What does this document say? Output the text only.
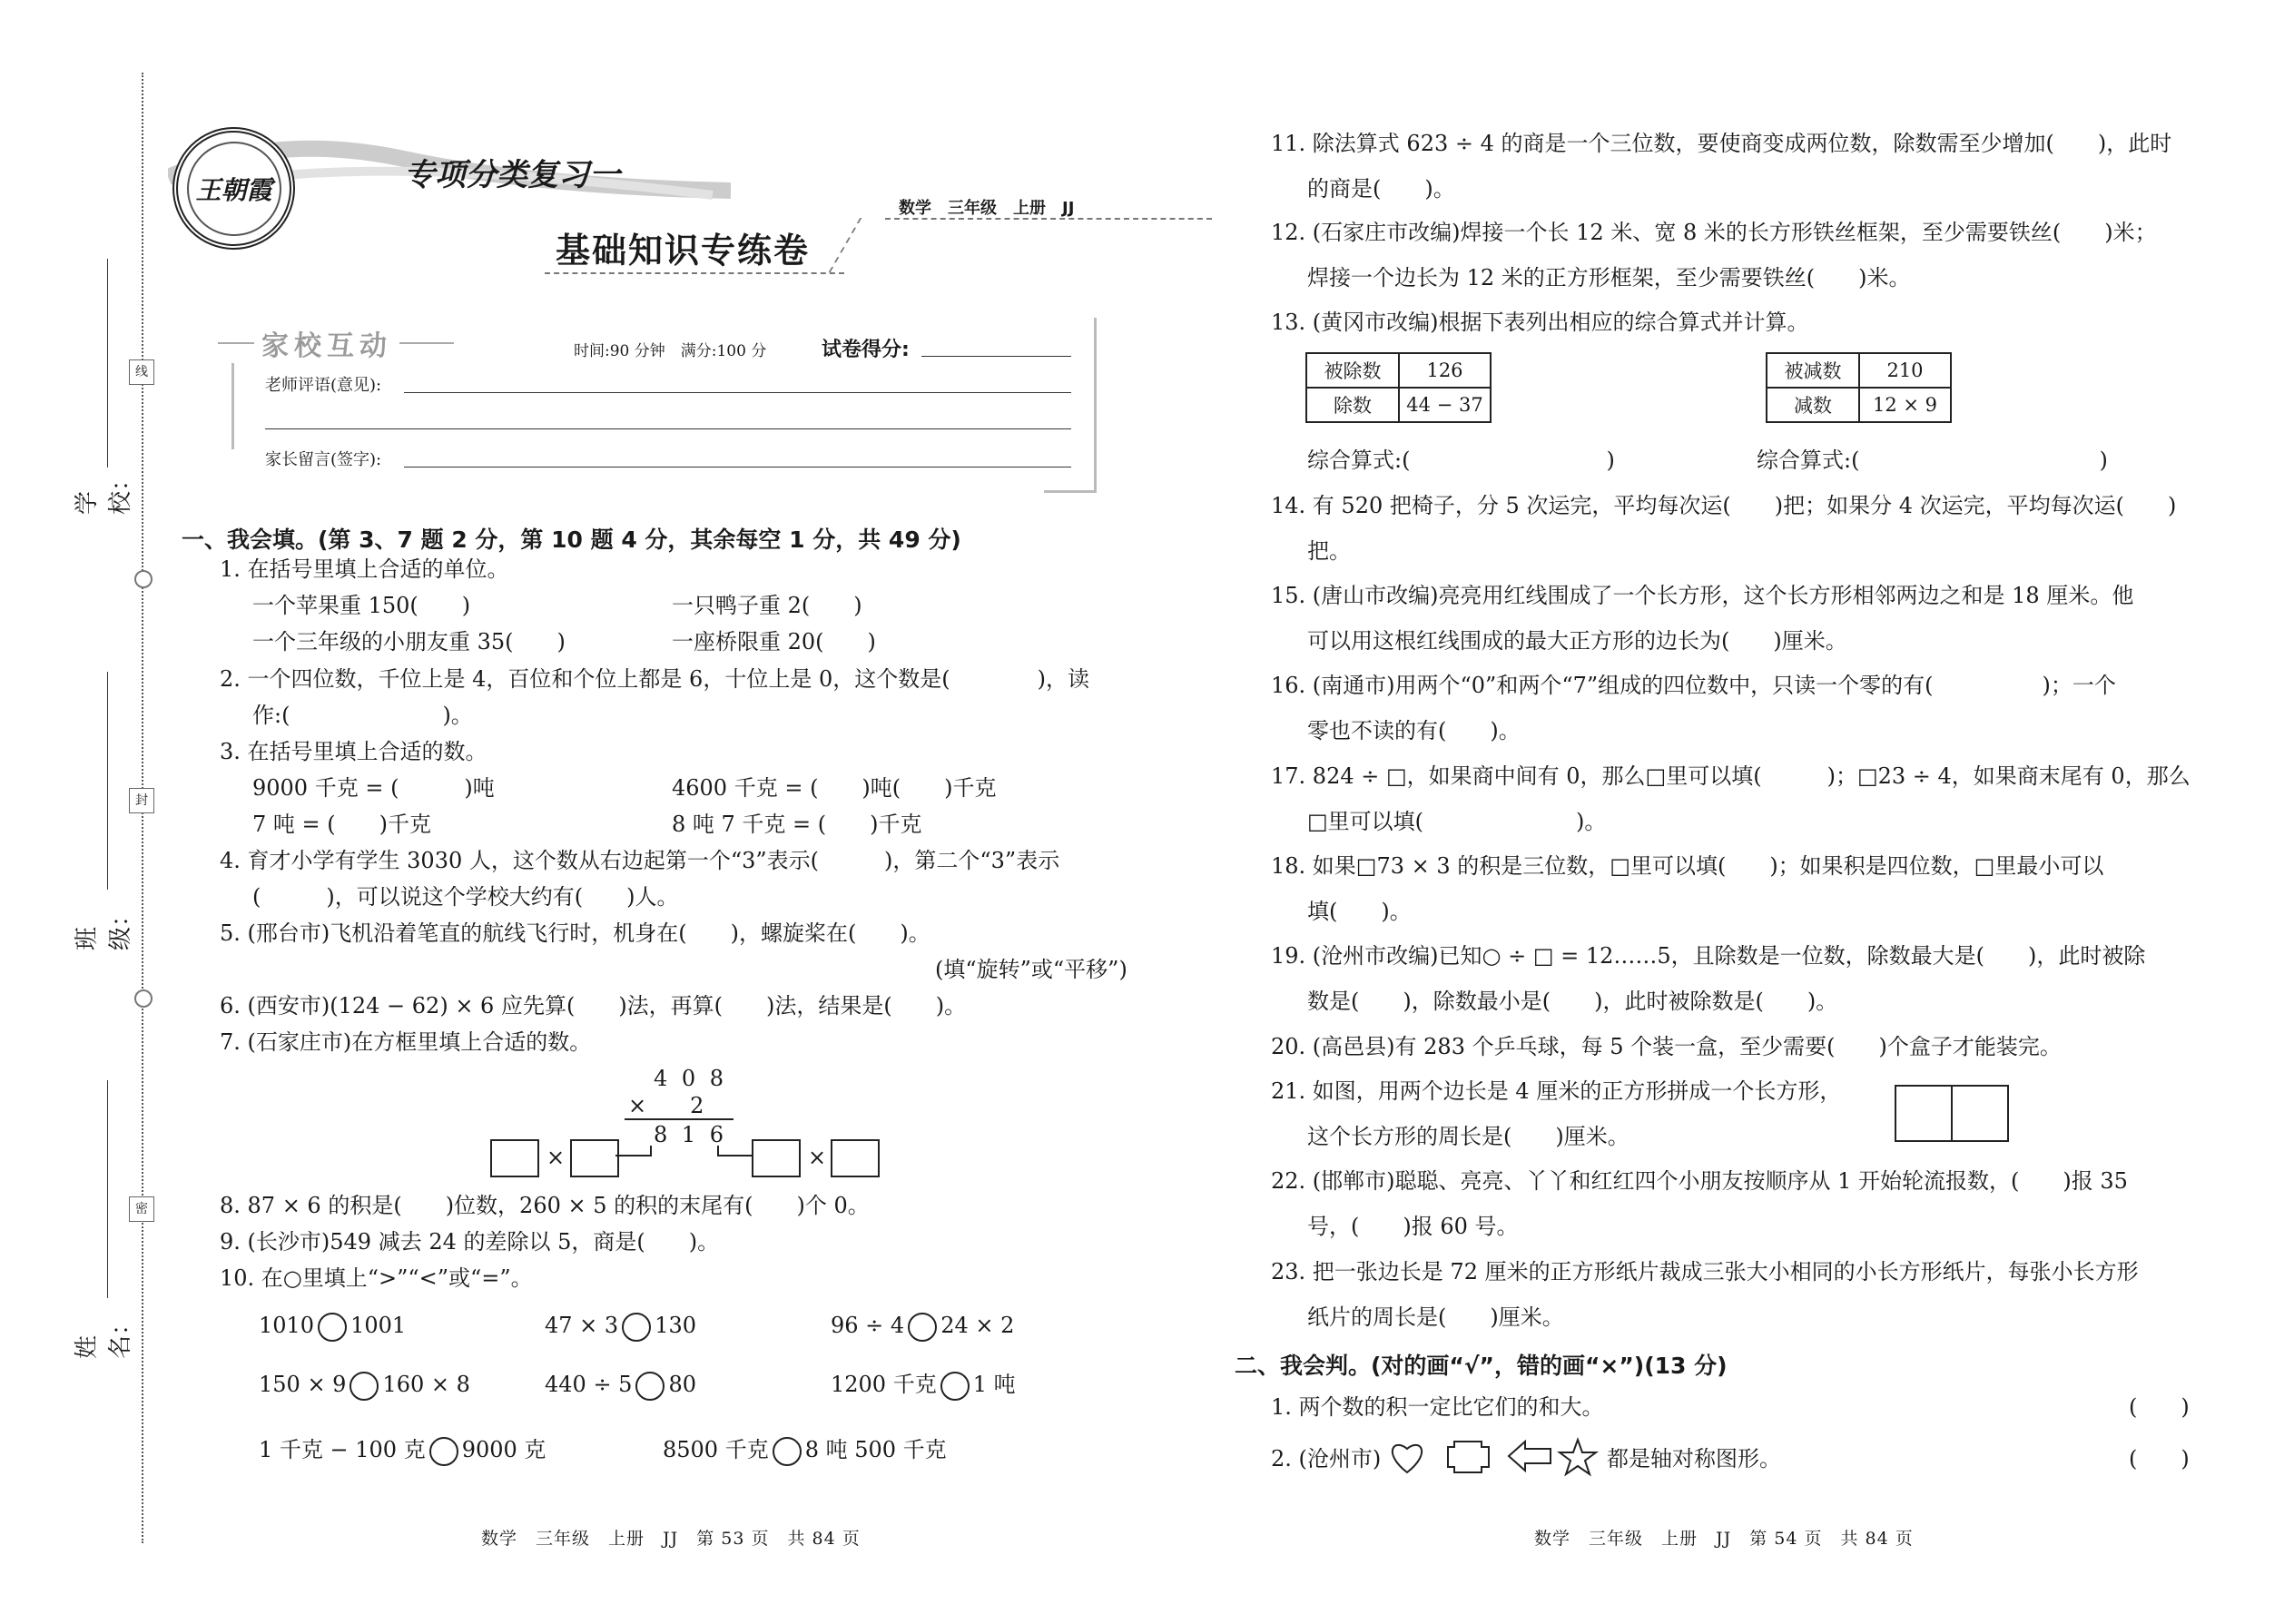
学校：
班级：
姓名：
线
封
密
王朝霞	专项分类复习一
基础知识专练卷
数学　三年级　上册　JJ
家校互动	时间:90 分钟　满分:100 分	试卷得分:
老师评语(意见):
家长留言(签字):
一、我会填。(第 3、7 题 2 分，第 10 题 4 分，其余每空 1 分，共 49 分)
1. 在括号里填上合适的单位。
一个苹果重 150(　　)	一只鸭子重 2(　　)
一个三年级的小朋友重 35(　　)	一座桥限重 20(　　)
2. 一个四位数，千位上是 4，百位和个位上都是 6，十位上是 0，这个数是(　　　　)，读
作:(　　　　　　　)。
3. 在括号里填上合适的数。
9000 千克 = (　　　)吨	4600 千克 = (　　)吨(　　)千克
7 吨 = (　　)千克	8 吨 7 千克 = (　　)千克
4. 育才小学有学生 3030 人，这个数从右边起第一个“3”表示(　　　)，第二个“3”表示
(　　　)，可以说这个学校大约有(　　)人。
5. (邢台市)飞机沿着笔直的航线飞行时，机身在(　　)，螺旋桨在(　　)。
(填“旋转”或“平移”)
6. (西安市)(124 − 62) × 6 应先算(　　)法，再算(　　)法，结果是(　　)。
7. (石家庄市)在方框里填上合适的数。
4 0 8
×　　2
8 1 6
×	×
8. 87 × 6 的积是(　　)位数，260 × 5 的积的末尾有(　　)个 0。
9. (长沙市)549 减去 24 的差除以 5，商是(　　)。
10. 在○里填上“>”“<”或“=”。
1010 1001	47 × 3 130	96 ÷ 4 24 × 2
150 × 9 160 × 8	440 ÷ 5 80	1200 千克 1 吨
1 千克 − 100 克 9000 克	8500 千克 8 吨 500 千克
数学　三年级　上册　JJ　第 53 页　共 84 页
11. 除法算式 623 ÷ 4 的商是一个三位数，要使商变成两位数，除数需至少增加(　　)，此时
的商是(　　)。
12. (石家庄市改编)焊接一个长 12 米、宽 8 米的长方形铁丝框架，至少需要铁丝(　　)米；
焊接一个边长为 12 米的正方形框架，至少需要铁丝(　　)米。
13. (黄冈市改编)根据下表列出相应的综合算式并计算。
被除数	126
除数	44 − 37
被减数	210
减数	12 × 9
综合算式:(　　　　　　　　　)	综合算式:(　　　　　　　　　　　)
14. 有 520 把椅子，分 5 次运完，平均每次运(　　)把；如果分 4 次运完，平均每次运(　　)
把。
15. (唐山市改编)亮亮用红线围成了一个长方形，这个长方形相邻两边之和是 18 厘米。他
可以用这根红线围成的最大正方形的边长为(　　)厘米。
16. (南通市)用两个“0”和两个“7”组成的四位数中，只读一个零的有(　　　　　)；一个
零也不读的有(　　)。
17. 824 ÷ □，如果商中间有 0，那么□里可以填(　　　)；□23 ÷ 4，如果商末尾有 0，那么
□里可以填(　　　　　　　)。
18. 如果□73 × 3 的积是三位数，□里可以填(　　)；如果积是四位数，□里最小可以
填(　　)。
19. (沧州市改编)已知○ ÷ □ = 12……5，且除数是一位数，除数最大是(　　)，此时被除
数是(　　)，除数最小是(　　)，此时被除数是(　　)。
20. (高邑县)有 283 个乒乓球，每 5 个装一盒，至少需要(　　)个盒子才能装完。
21. 如图，用两个边长是 4 厘米的正方形拼成一个长方形，
这个长方形的周长是(　　)厘米。
22. (邯郸市)聪聪、亮亮、丫丫和红红四个小朋友按顺序从 1 开始轮流报数，(　　)报 35
号，(　　)报 60 号。
23. 把一张边长是 72 厘米的正方形纸片裁成三张大小相同的小长方形纸片，每张小长方形
纸片的周长是(　　)厘米。
二、我会判。(对的画“√”，错的画“×”)(13 分)
1. 两个数的积一定比它们的和大。	(　　)
2. (沧州市)	都是轴对称图形。	(　　)
数学　三年级　上册　JJ　第 54 页　共 84 页
